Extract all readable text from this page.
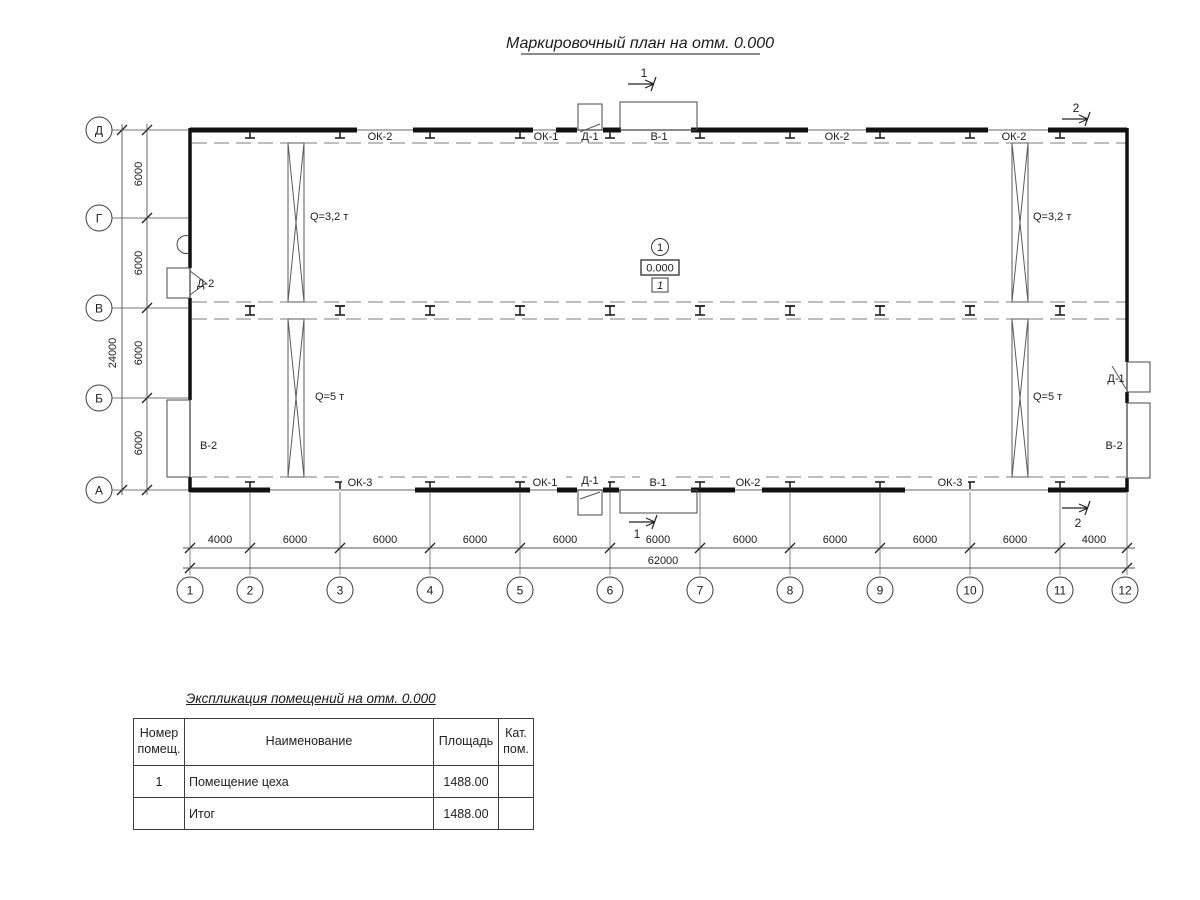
Маркировочный план на отм. 0.000
ОК-2	ОК-1 Д-1	В-1	ОК-2	ОК-2
ОК-3	ОК-1 Д-1	В-1	ОК-2	ОК-3
Q=3,2 т	Q=3,2 т
Q=5 т	Q=5 т
Д-2
В-2
Д-1
В-2
1
0.000
1
1
1
2
2
4000	6000	6000	6000	6000	6000	6000	6000	6000	6000	4000
62000
6000
6000
6000
6000
24000
1	2	3	4	5	6	7	8	9	10	11	12
Д
Г
В
Б
А
Экспликация помещений на отм. 0.000
Номер помещ.	Наименование	Площадь	Кат. пом.
1	Помещение цеха	1488.00	
	Итог	1488.00	
